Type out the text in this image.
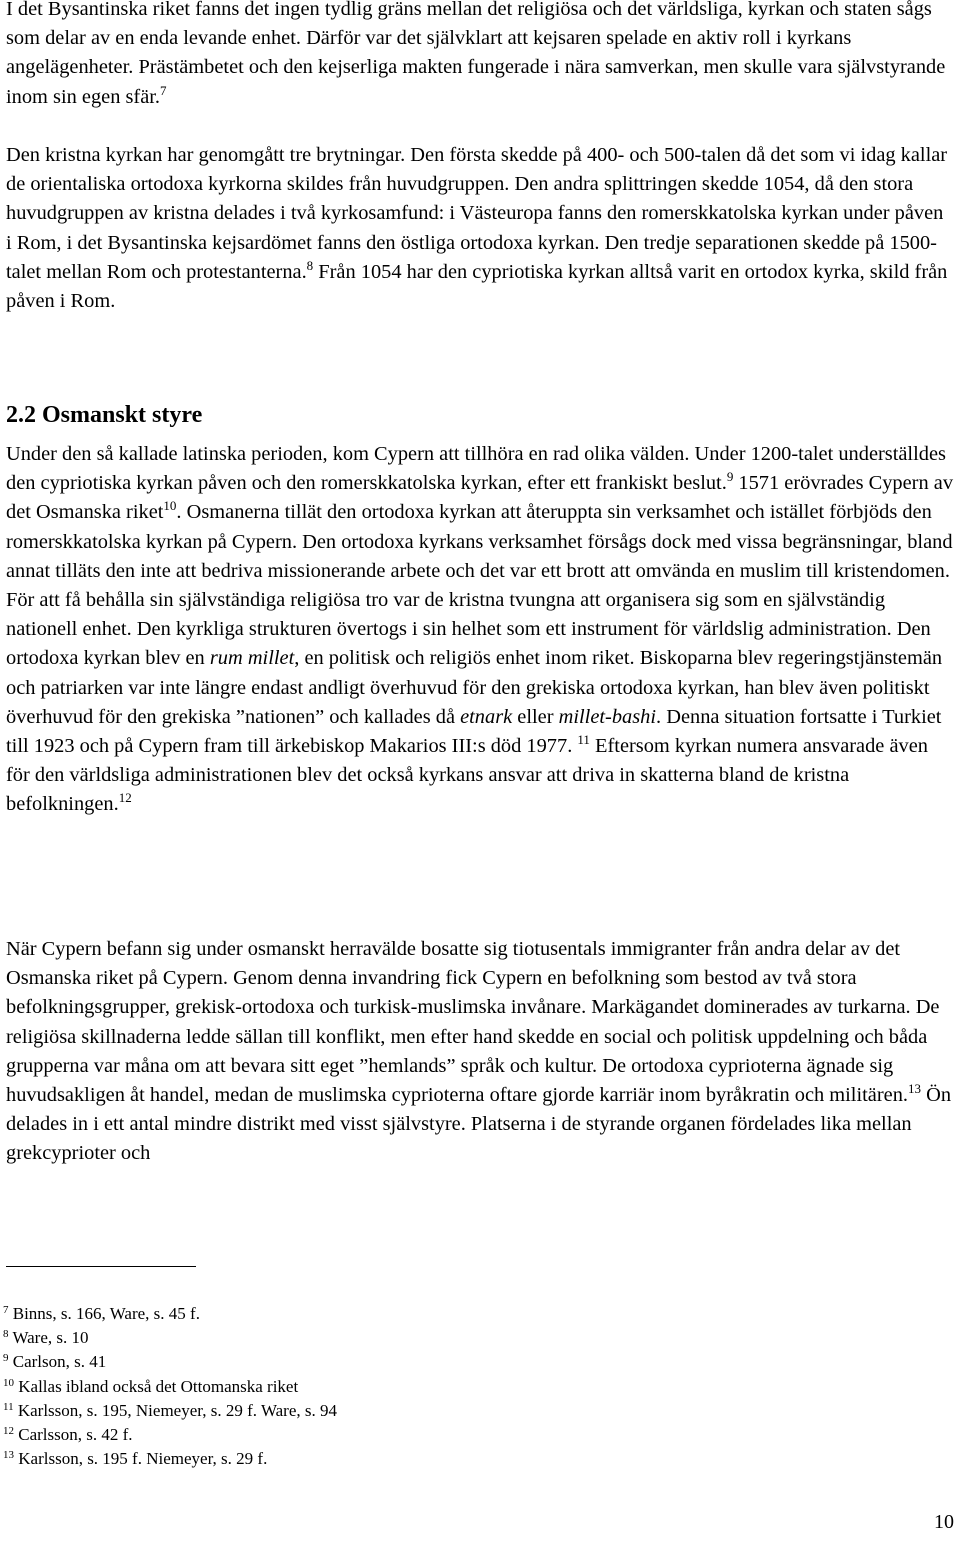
I det Bysantinska riket fanns det ingen tydlig gräns mellan det religiösa och det världsliga, kyrkan och staten sågs som delar av en enda levande enhet. Därför var det självklart att kejsaren spelade en aktiv roll i kyrkans angelägenheter. Prästämbetet och den kejserliga makten fungerade i nära samverkan, men skulle vara självstyrande inom sin egen sfär.$^7$

Den kristna kyrkan har genomgått tre brytningar. Den första skedde på 400- och 500-talen då det som vi idag kallar de orientaliska ortodoxa kyrkorna skildes från huvudgruppen. Den andra splittringen skedde 1054, då den stora huvudgruppen av kristna delades i två kyrkosamfund: i Västeuropa fanns den romerskkatolska kyrkan under påven i Rom, i det Bysantinska kejsardömet fanns den östliga ortodoxa kyrkan. Den tredje separationen skedde på 1500-talet mellan Rom och protestanterna.$^8$ Från 1054 har den cypriotiska kyrkan alltså varit en ortodox kyrka, skild från påven i Rom.

2.2 Osmanskt styre

Under den så kallade latinska perioden, kom Cypern att tillhöra en rad olika välden. Under 1200-talet underställdes den cypriotiska kyrkan påven och den romerskkatolska kyrkan, efter ett frankiskt beslut.$^9$ 1571 erövrades Cypern av det Osmanska riket$^{10}$. Osmanerna tillät den ortodoxa kyrkan att återuppta sin verksamhet och istället förbjöds den romerskkatolska kyrkan på Cypern. Den ortodoxa kyrkans verksamhet försågs dock med vissa begränsningar, bland annat tilläts den inte att bedriva missionerande arbete och det var ett brott att omvända en muslim till kristendomen. För att få behålla sin självständiga religiösa tro var de kristna tvungna att organisera sig som en självständig nationell enhet. Den kyrkliga strukturen övertogs i sin helhet som ett instrument för världslig administration. Den ortodoxa kyrkan blev en rum millet, en politisk och religiös enhet inom riket. Biskoparna blev regeringstjänstemän och patriarken var inte längre endast andligt överhuvud för den grekiska ortodoxa kyrkan, han blev även politiskt överhuvud för den grekiska ”nationen” och kallades då etnark eller millet-bashi. Denna situation fortsatte i Turkiet till 1923 och på Cypern fram till ärkebiskop Makarios III:s död 1977. $^{11}$ Eftersom kyrkan numera ansvarade även för den världsliga administrationen blev det också kyrkans ansvar att driva in skatterna bland de kristna befolkningen.$^{12}$

När Cypern befann sig under osmanskt herravälde bosatte sig tiotusentals immigranter från andra delar av det Osmanska riket på Cypern. Genom denna invandring fick Cypern en befolkning som bestod av två stora befolkningsgrupper, grekisk-ortodoxa och turkisk-muslimska invånare. Markägandet dominerades av turkarna. De religiösa skillnaderna ledde sällan till konflikt, men efter hand skedde en social och politisk uppdelning och båda grupperna var måna om att bevara sitt eget ”hemlands” språk och kultur. De ortodoxa cyprioterna ägnade sig huvudsakligen åt handel, medan de muslimska cyprioterna oftare gjorde karriär inom byråkratin och militären.$^{13}$ Ön delades in i ett antal mindre distrikt med visst självstyre. Platserna i de styrande organen fördelades lika mellan grekcyprioter och

$^7$ Binns, s. 166, Ware, s. 45 f.
$^8$ Ware, s. 10
$^9$ Carlson, s. 41
$^{10}$ Kallas ibland också det Ottomanska riket
$^{11}$ Karlsson, s. 195, Niemeyer, s. 29 f. Ware, s. 94
$^{12}$ Carlsson, s. 42 f.
$^{13}$ Karlsson, s. 195 f. Niemeyer, s. 29 f.
10
